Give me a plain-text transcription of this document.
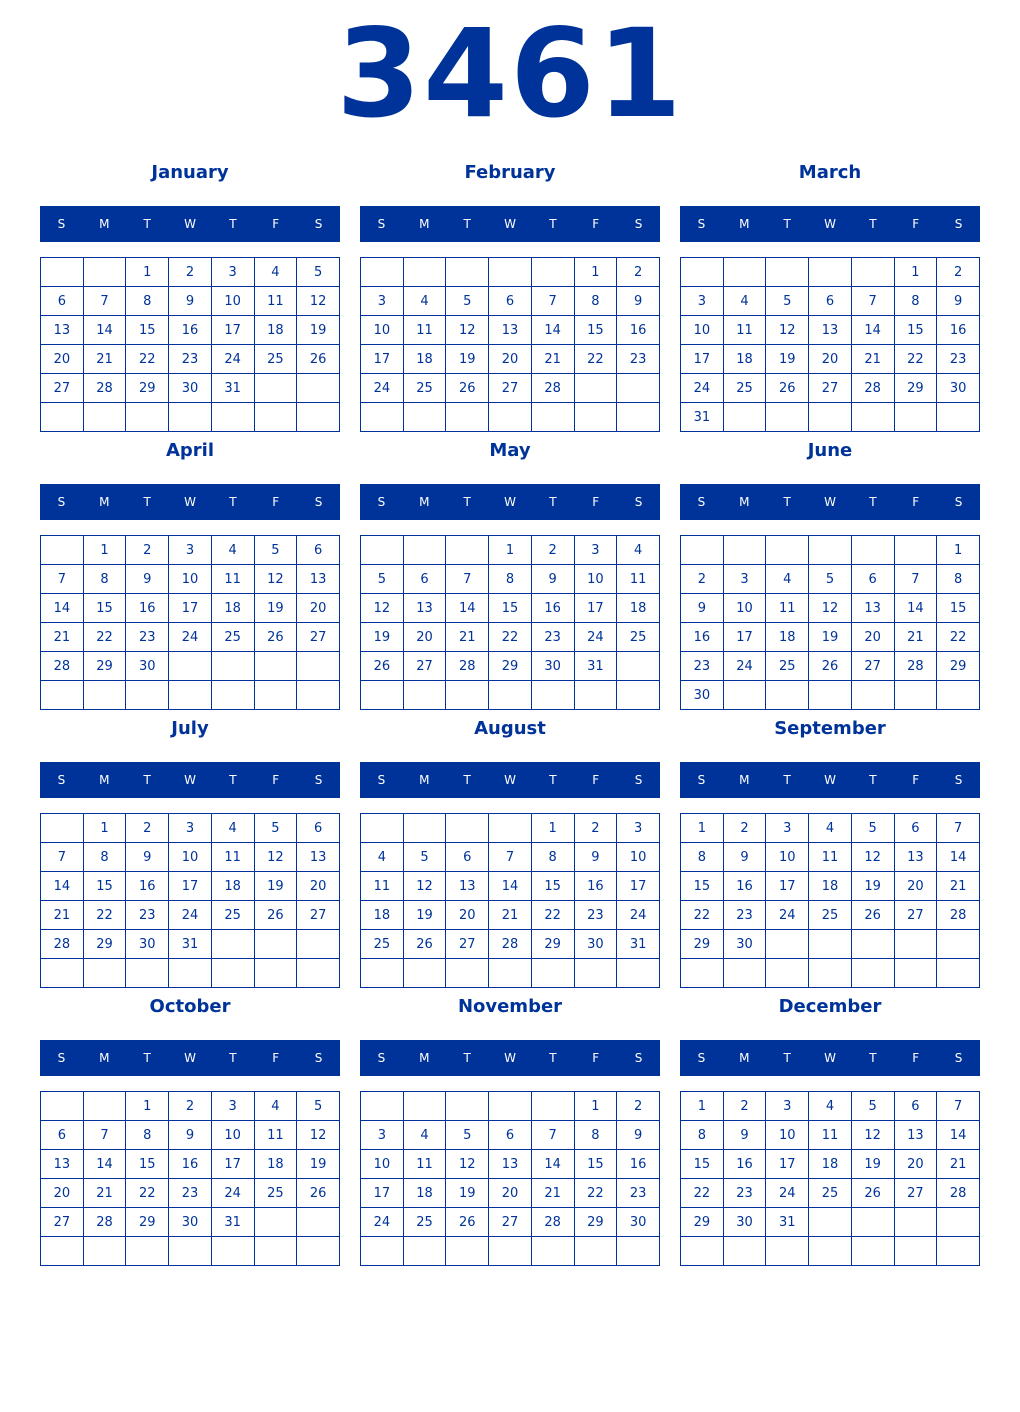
3461
January
S	M	T	W	T	F	S
		1	2	3	4	5
6	7	8	9	10	11	12
13	14	15	16	17	18	19
20	21	22	23	24	25	26
27	28	29	30	31		

February
S	M	T	W	T	F	S
					1	2
3	4	5	6	7	8	9
10	11	12	13	14	15	16
17	18	19	20	21	22	23
24	25	26	27	28		

March
S	M	T	W	T	F	S
					1	2
3	4	5	6	7	8	9
10	11	12	13	14	15	16
17	18	19	20	21	22	23
24	25	26	27	28	29	30
31						
April
S	M	T	W	T	F	S
	1	2	3	4	5	6
7	8	9	10	11	12	13
14	15	16	17	18	19	20
21	22	23	24	25	26	27
28	29	30				

May
S	M	T	W	T	F	S
			1	2	3	4
5	6	7	8	9	10	11
12	13	14	15	16	17	18
19	20	21	22	23	24	25
26	27	28	29	30	31	

June
S	M	T	W	T	F	S
						1
2	3	4	5	6	7	8
9	10	11	12	13	14	15
16	17	18	19	20	21	22
23	24	25	26	27	28	29
30						
July
S	M	T	W	T	F	S
	1	2	3	4	5	6
7	8	9	10	11	12	13
14	15	16	17	18	19	20
21	22	23	24	25	26	27
28	29	30	31			

August
S	M	T	W	T	F	S
				1	2	3
4	5	6	7	8	9	10
11	12	13	14	15	16	17
18	19	20	21	22	23	24
25	26	27	28	29	30	31

September
S	M	T	W	T	F	S
1	2	3	4	5	6	7
8	9	10	11	12	13	14
15	16	17	18	19	20	21
22	23	24	25	26	27	28
29	30					

October
S	M	T	W	T	F	S
		1	2	3	4	5
6	7	8	9	10	11	12
13	14	15	16	17	18	19
20	21	22	23	24	25	26
27	28	29	30	31		

November
S	M	T	W	T	F	S
					1	2
3	4	5	6	7	8	9
10	11	12	13	14	15	16
17	18	19	20	21	22	23
24	25	26	27	28	29	30

December
S	M	T	W	T	F	S
1	2	3	4	5	6	7
8	9	10	11	12	13	14
15	16	17	18	19	20	21
22	23	24	25	26	27	28
29	30	31				
